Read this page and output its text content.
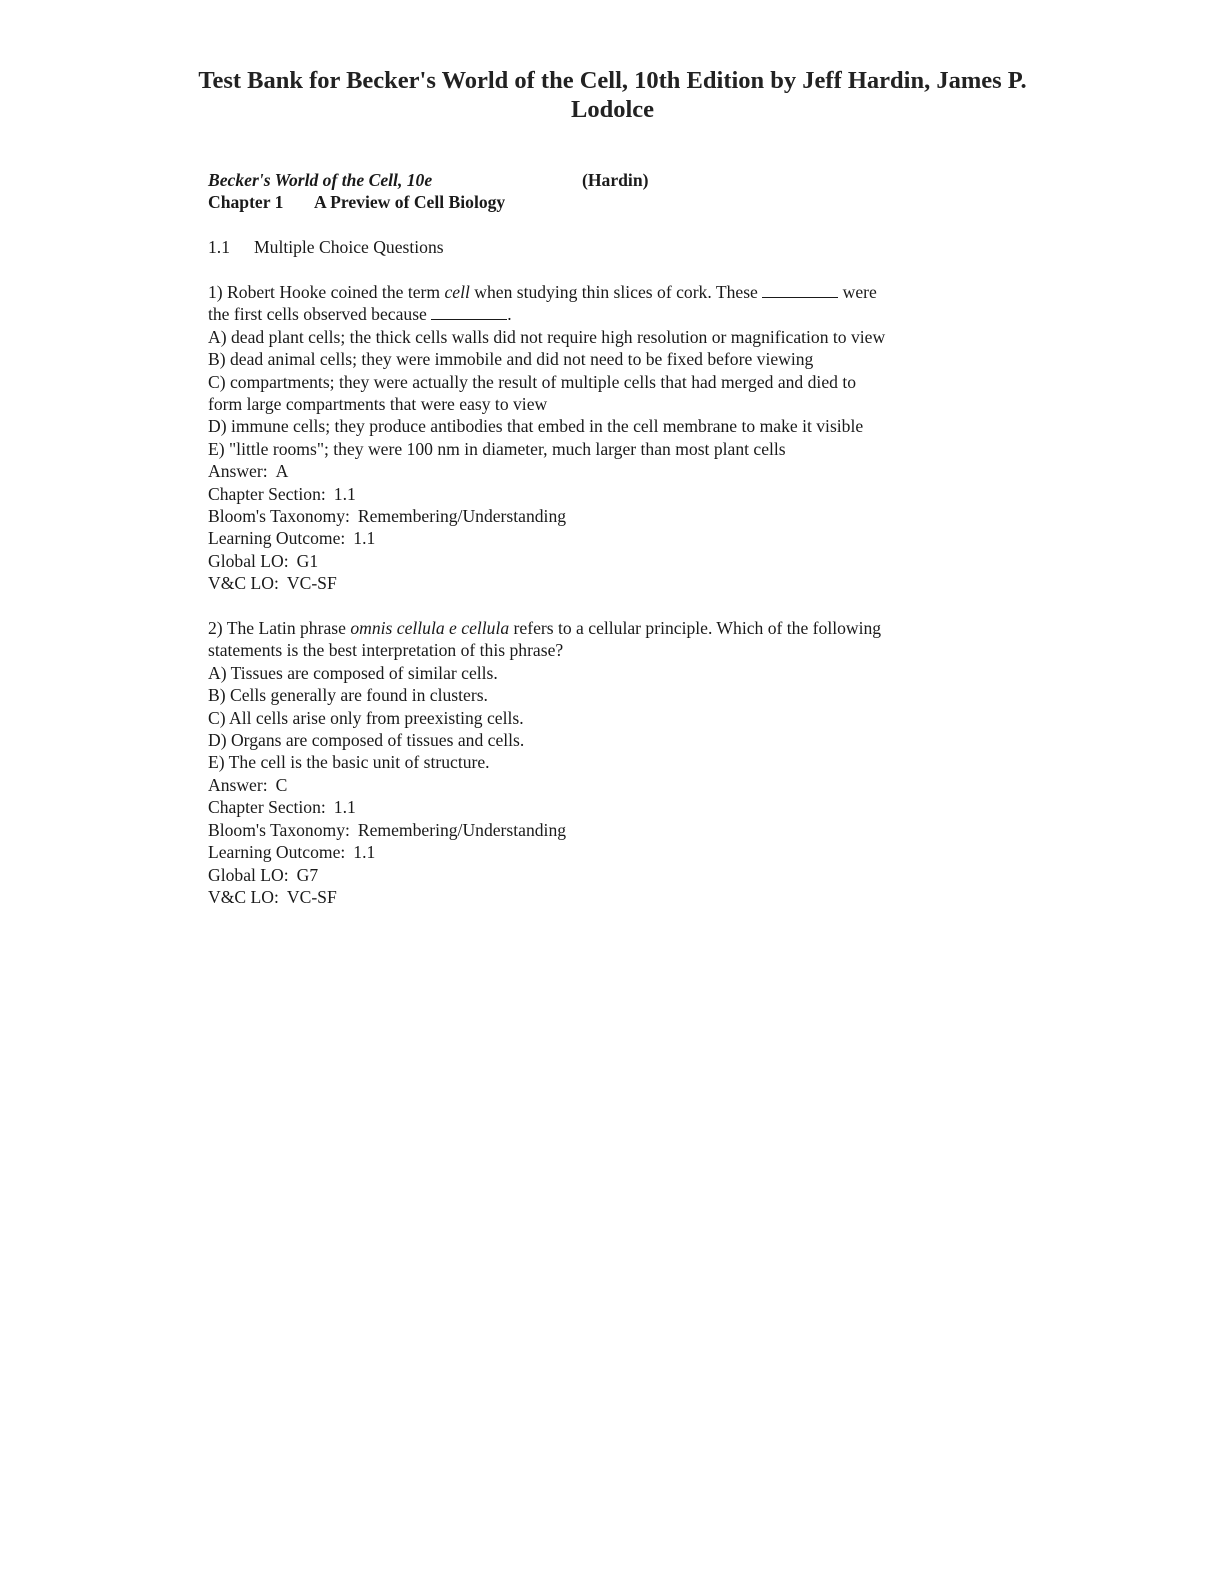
Test Bank for Becker's World of the Cell, 10th Edition by Jeff Hardin, James P.
Lodolce
Becker's World of the Cell, 10e	(Hardin)
Chapter 1 A Preview of Cell Biology
1.1 Multiple Choice Questions
1) Robert Hooke coined the term cell when studying thin slices of cork. These	were
the first cells observed because	.
A) dead plant cells; the thick cells walls did not require high resolution or magnification to view
B) dead animal cells; they were immobile and did not need to be fixed before viewing
C) compartments; they were actually the result of multiple cells that had merged and died to
form large compartments that were easy to view
D) immune cells; they produce antibodies that embed in the cell membrane to make it visible
E) "little rooms"; they were 100 nm in diameter, much larger than most plant cells
Answer: A
Chapter Section: 1.1
Bloom's Taxonomy: Remembering/Understanding
Learning Outcome: 1.1
Global LO: G1
V&C LO: VC-SF
2) The Latin phrase omnis cellula e cellula refers to a cellular principle. Which of the following
statements is the best interpretation of this phrase?
A) Tissues are composed of similar cells.
B) Cells generally are found in clusters.
C) All cells arise only from preexisting cells.
D) Organs are composed of tissues and cells.
E) The cell is the basic unit of structure.
Answer: C
Chapter Section: 1.1
Bloom's Taxonomy: Remembering/Understanding
Learning Outcome: 1.1
Global LO: G7
V&C LO: VC-SF
